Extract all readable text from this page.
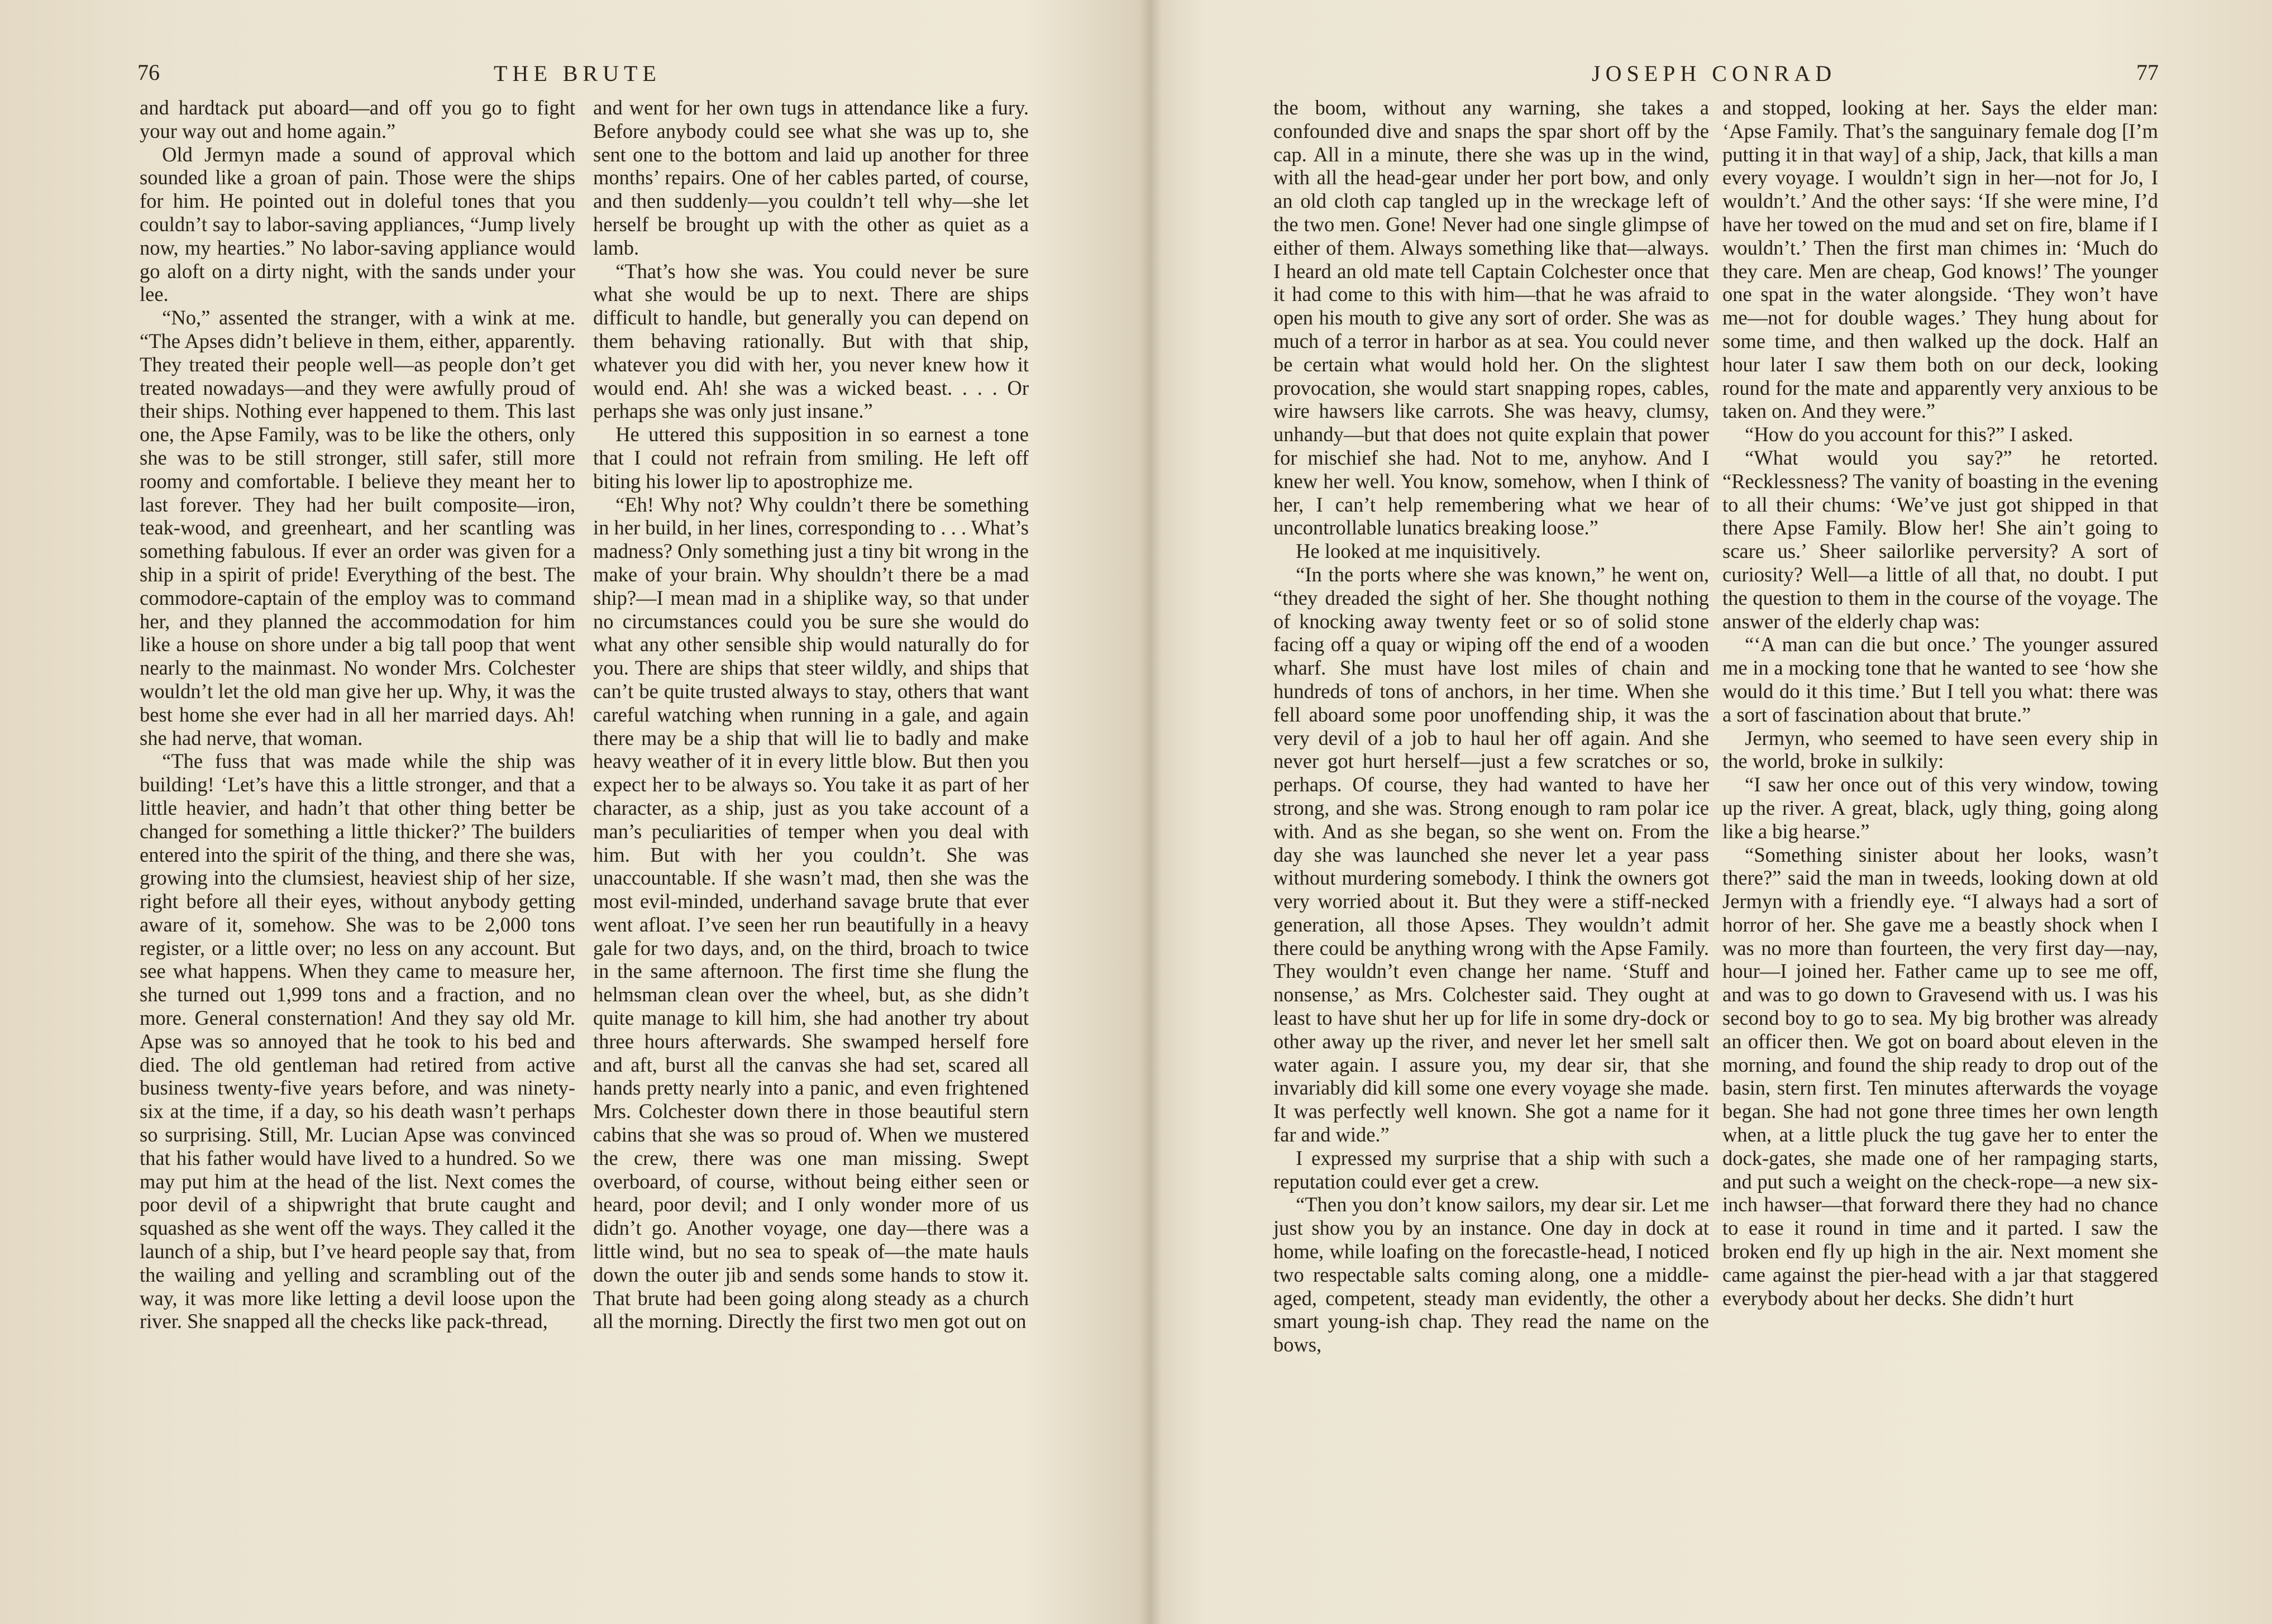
76	THE BRUTE

and hardtack put aboard—and off you go to fight your way out and home again.”

Old Jermyn made a sound of approval which sounded like a groan of pain. Those were the ships for him. He pointed out in doleful tones that you couldn’t say to labor-saving appliances, “Jump lively now, my hearties.” No labor-saving appliance would go aloft on a dirty night, with the sands under your lee.

“No,” assented the stranger, with a wink at me. “The Apses didn’t believe in them, either, apparently. They treated their people well—as people don’t get treated nowadays—and they were awfully proud of their ships. Nothing ever happened to them. This last one, the Apse Family, was to be like the others, only she was to be still stronger, still safer, still more roomy and comfortable. I believe they meant her to last forever. They had her built composite—iron, teak-wood, and greenheart, and her scantling was something fabulous. If ever an order was given for a ship in a spirit of pride! Everything of the best. The commodore-captain of the employ was to command her, and they planned the accommodation for him like a house on shore under a big tall poop that went nearly to the mainmast. No wonder Mrs. Colchester wouldn’t let the old man give her up. Why, it was the best home she ever had in all her married days. Ah! she had nerve, that woman.

“The fuss that was made while the ship was building! ‘Let’s have this a little stronger, and that a little heavier, and hadn’t that other thing better be changed for something a little thicker?’ The builders entered into the spirit of the thing, and there she was, growing into the clumsiest, heaviest ship of her size, right before all their eyes, without anybody getting aware of it, somehow. She was to be 2,000 tons register, or a little over; no less on any account. But see what happens. When they came to measure her, she turned out 1,999 tons and a fraction, and no more. General consternation! And they say old Mr. Apse was so annoyed that he took to his bed and died. The old gentleman had retired from active business twenty-five years before, and was ninety-six at the time, if a day, so his death wasn’t perhaps so surprising. Still, Mr. Lucian Apse was convinced that his father would have lived to a hundred. So we may put him at the head of the list. Next comes the poor devil of a shipwright that brute caught and squashed as she went off the ways. They called it the launch of a ship, but I’ve heard people say that, from the wailing and yelling and scrambling out of the way, it was more like letting a devil loose upon the river. She snapped all the checks like pack-thread,

and went for her own tugs in attendance like a fury. Before anybody could see what she was up to, she sent one to the bottom and laid up another for three months’ repairs. One of her cables parted, of course, and then suddenly—you couldn’t tell why—she let herself be brought up with the other as quiet as a lamb.

“That’s how she was. You could never be sure what she would be up to next. There are ships difficult to handle, but generally you can depend on them behaving rationally. But with that ship, whatever you did with her, you never knew how it would end. Ah! she was a wicked beast. . . . Or perhaps she was only just insane.”

He uttered this supposition in so earnest a tone that I could not refrain from smiling. He left off biting his lower lip to apostrophize me.

“Eh! Why not? Why couldn’t there be something in her build, in her lines, corresponding to . . . What’s madness? Only something just a tiny bit wrong in the make of your brain. Why shouldn’t there be a mad ship?—I mean mad in a shiplike way, so that under no circumstances could you be sure she would do what any other sensible ship would naturally do for you. There are ships that steer wildly, and ships that can’t be quite trusted always to stay, others that want careful watching when running in a gale, and again there may be a ship that will lie to badly and make heavy weather of it in every little blow. But then you expect her to be always so. You take it as part of her character, as a ship, just as you take account of a man’s peculiarities of temper when you deal with him. But with her you couldn’t. She was unaccountable. If she wasn’t mad, then she was the most evil-minded, underhand savage brute that ever went afloat. I’ve seen her run beautifully in a heavy gale for two days, and, on the third, broach to twice in the same afternoon. The first time she flung the helmsman clean over the wheel, but, as she didn’t quite manage to kill him, she had another try about three hours afterwards. She swamped herself fore and aft, burst all the canvas she had set, scared all hands pretty nearly into a panic, and even frightened Mrs. Colchester down there in those beautiful stern cabins that she was so proud of. When we mustered the crew, there was one man missing. Swept overboard, of course, without being either seen or heard, poor devil; and I only wonder more of us didn’t go. Another voyage, one day—there was a little wind, but no sea to speak of—the mate hauls down the outer jib and sends some hands to stow it. That brute had been going along steady as a church all the morning. Directly the first two men got out on

JOSEPH CONRAD	77

the boom, without any warning, she takes a confounded dive and snaps the spar short off by the cap. All in a minute, there she was up in the wind, with all the head-gear under her port bow, and only an old cloth cap tangled up in the wreckage left of the two men. Gone! Never had one single glimpse of either of them. Always something like that—always. I heard an old mate tell Captain Colchester once that it had come to this with him—that he was afraid to open his mouth to give any sort of order. She was as much of a terror in harbor as at sea. You could never be certain what would hold her. On the slightest provocation, she would start snapping ropes, cables, wire hawsers like carrots. She was heavy, clumsy, unhandy—but that does not quite explain that power for mischief she had. Not to me, anyhow. And I knew her well. You know, somehow, when I think of her, I can’t help remembering what we hear of uncontrollable lunatics breaking loose.”

He looked at me inquisitively.

“In the ports where she was known,” he went on, “they dreaded the sight of her. She thought nothing of knocking away twenty feet or so of solid stone facing off a quay or wiping off the end of a wooden wharf. She must have lost miles of chain and hundreds of tons of anchors, in her time. When she fell aboard some poor unoffending ship, it was the very devil of a job to haul her off again. And she never got hurt herself—just a few scratches or so, perhaps. Of course, they had wanted to have her strong, and she was. Strong enough to ram polar ice with. And as she began, so she went on. From the day she was launched she never let a year pass without murdering somebody. I think the owners got very worried about it. But they were a stiff-necked generation, all those Apses. They wouldn’t admit there could be anything wrong with the Apse Family. They wouldn’t even change her name. ‘Stuff and nonsense,’ as Mrs. Colchester said. They ought at least to have shut her up for life in some dry-dock or other away up the river, and never let her smell salt water again. I assure you, my dear sir, that she invariably did kill some one every voyage she made. It was perfectly well known. She got a name for it far and wide.”

I expressed my surprise that a ship with such a reputation could ever get a crew.

“Then you don’t know sailors, my dear sir. Let me just show you by an instance. One day in dock at home, while loafing on the forecastle-head, I noticed two respectable salts coming along, one a middle-aged, competent, steady man evidently, the other a smart young-ish chap. They read the name on the bows,

and stopped, looking at her. Says the elder man: ‘Apse Family. That’s the sanguinary female dog [I’m putting it in that way] of a ship, Jack, that kills a man every voyage. I wouldn’t sign in her—not for Jo, I wouldn’t.’ And the other says: ‘If she were mine, I’d have her towed on the mud and set on fire, blame if I wouldn’t.’ Then the first man chimes in: ‘Much do they care. Men are cheap, God knows!’ The younger one spat in the water alongside. ‘They won’t have me—not for double wages.’ They hung about for some time, and then walked up the dock. Half an hour later I saw them both on our deck, looking round for the mate and apparently very anxious to be taken on. And they were.”

“How do you account for this?” I asked.

“What would you say?” he retorted. “Recklessness? The vanity of boasting in the evening to all their chums: ‘We’ve just got shipped in that there Apse Family. Blow her! She ain’t going to scare us.’ Sheer sailorlike perversity? A sort of curiosity? Well—a little of all that, no doubt. I put the question to them in the course of the voyage. The answer of the elderly chap was:

“‘A man can die but once.’ The younger assured me in a mocking tone that he wanted to see ‘how she would do it this time.’ But I tell you what: there was a sort of fascination about that brute.”

Jermyn, who seemed to have seen every ship in the world, broke in sulkily:

“I saw her once out of this very window, towing up the river. A great, black, ugly thing, going along like a big hearse.”

“Something sinister about her looks, wasn’t there?” said the man in tweeds, looking down at old Jermyn with a friendly eye. “I always had a sort of horror of her. She gave me a beastly shock when I was no more than fourteen, the very first day—nay, hour—I joined her. Father came up to see me off, and was to go down to Gravesend with us. I was his second boy to go to sea. My big brother was already an officer then. We got on board about eleven in the morning, and found the ship ready to drop out of the basin, stern first. Ten minutes afterwards the voyage began. She had not gone three times her own length when, at a little pluck the tug gave her to enter the dock-gates, she made one of her rampaging starts, and put such a weight on the check-rope—a new six-inch hawser—that forward there they had no chance to ease it round in time and it parted. I saw the broken end fly up high in the air. Next moment she came against the pier-head with a jar that staggered everybody about her decks. She didn’t hurt
